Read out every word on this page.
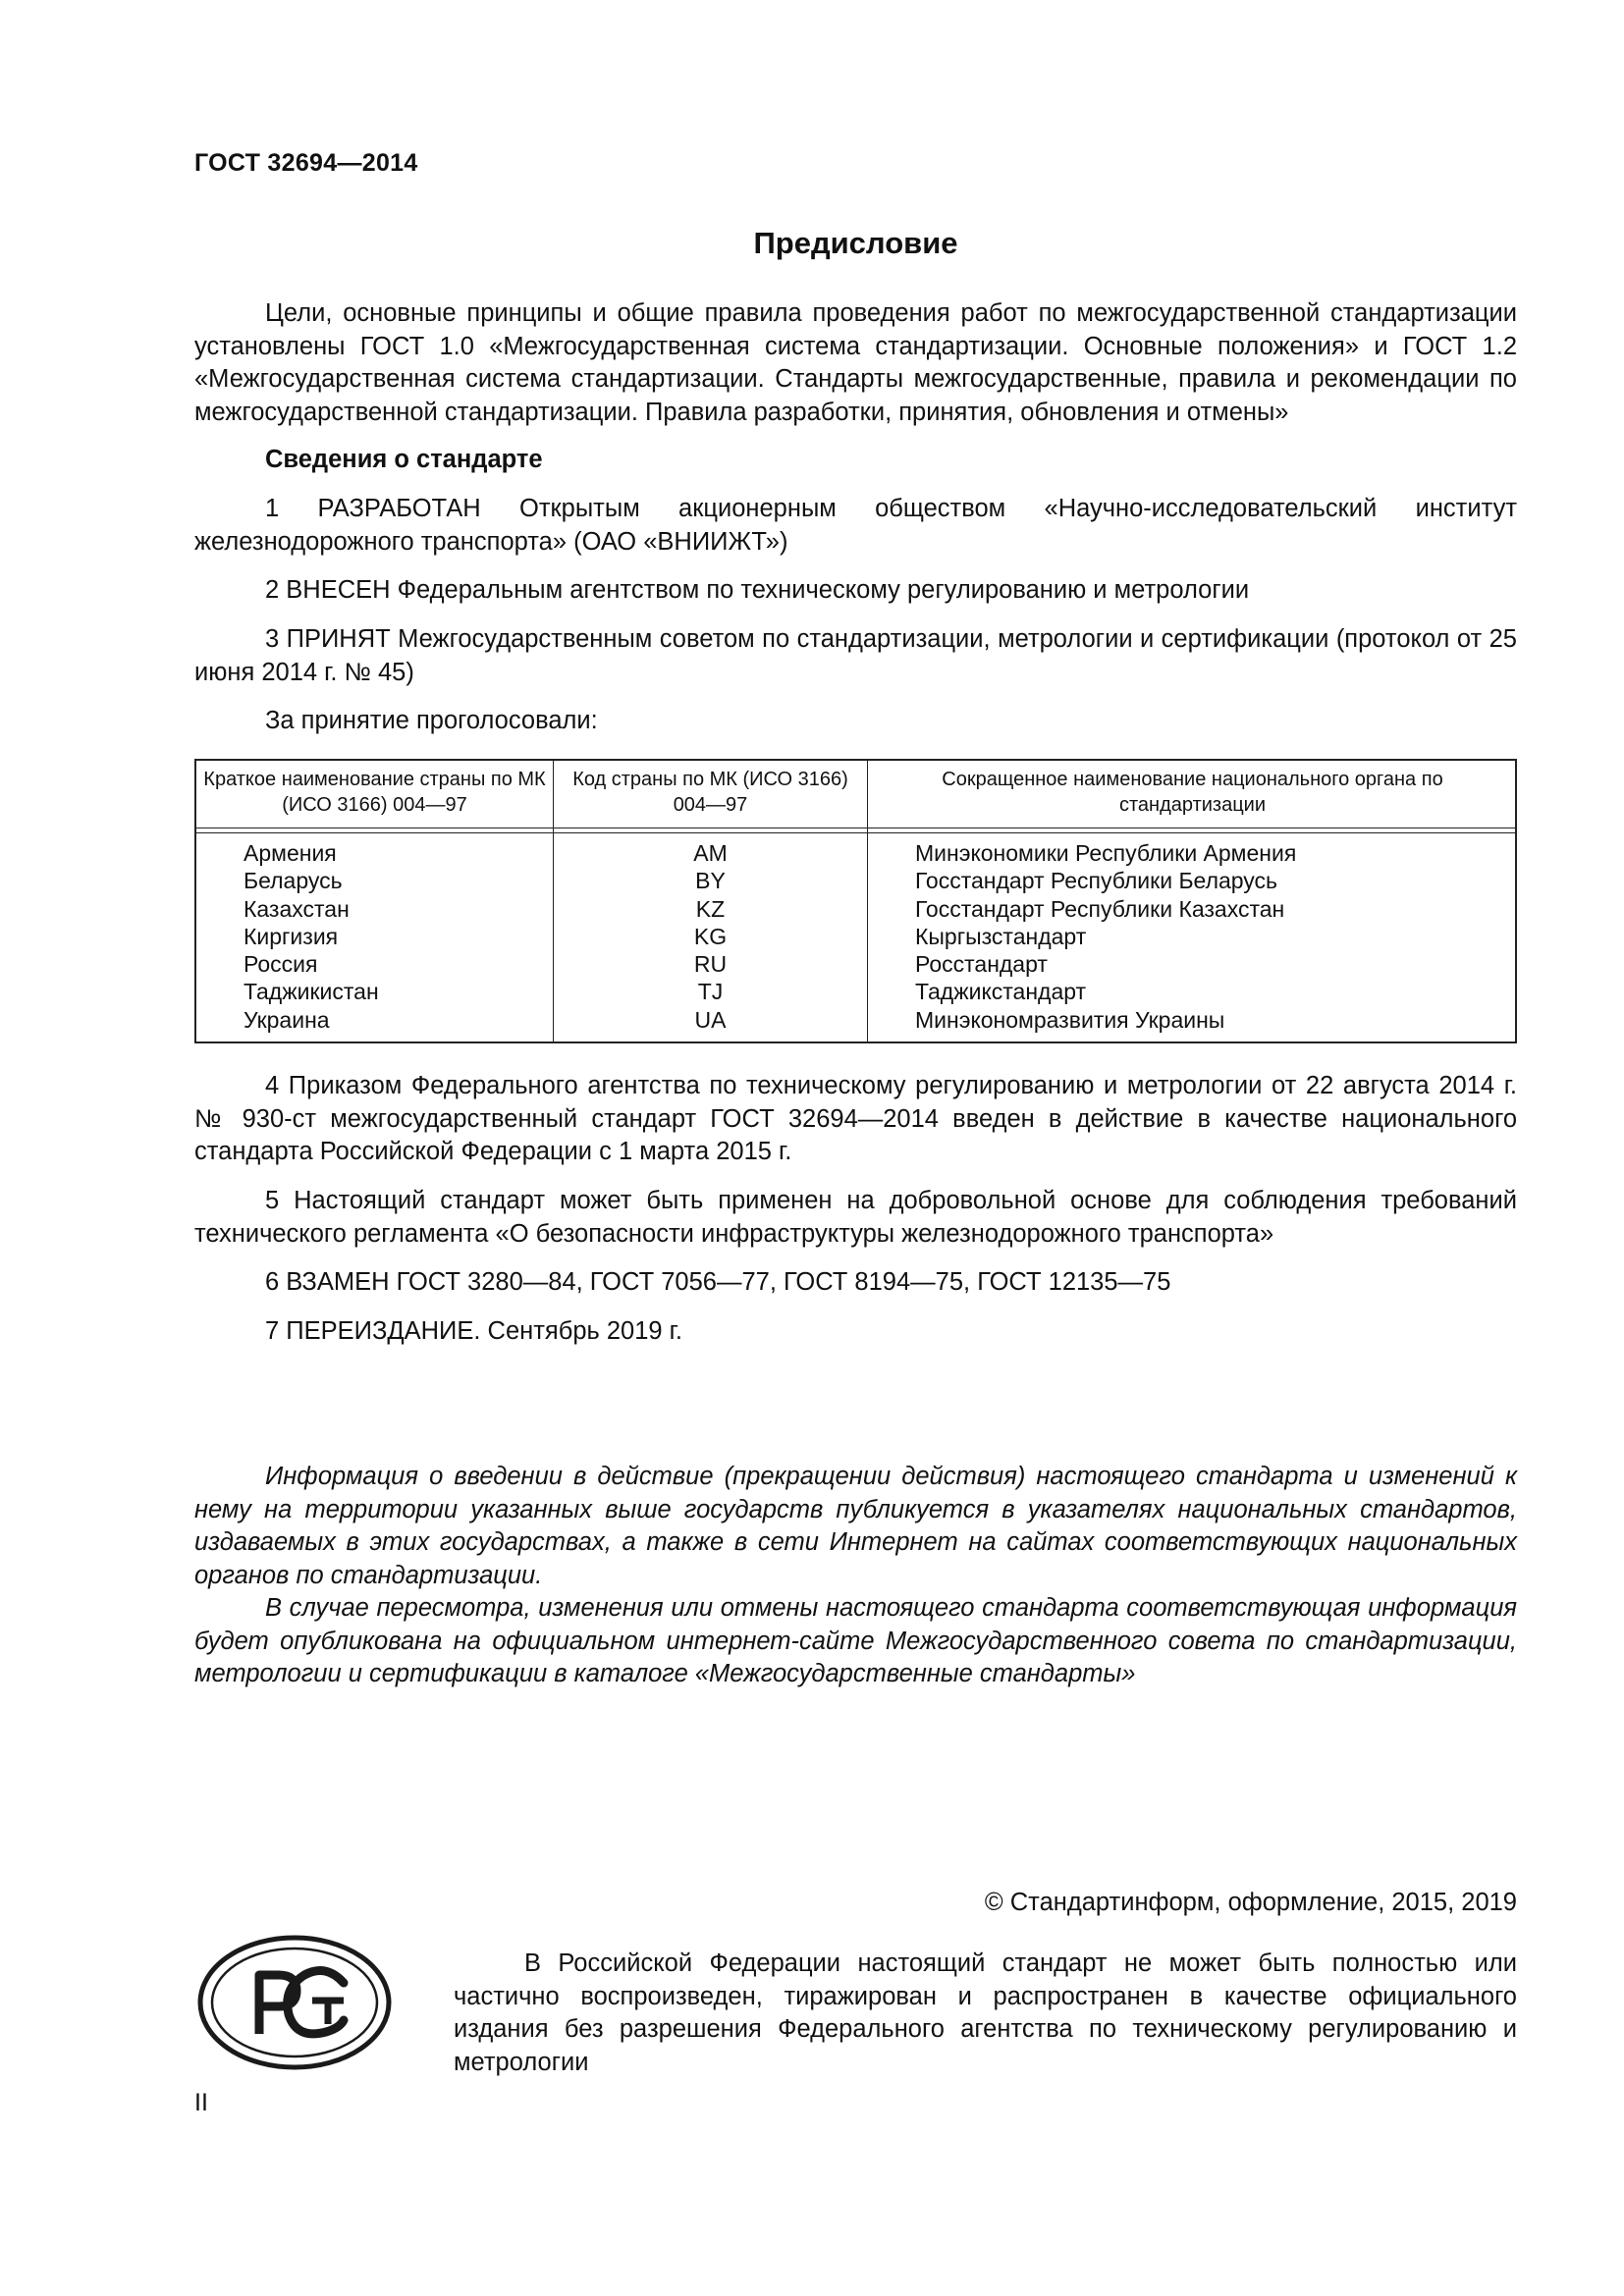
ГОСТ 32694—2014
Предисловие
Цели, основные принципы и общие правила проведения работ по межгосударственной стандартизации установлены ГОСТ 1.0 «Межгосударственная система стандартизации. Основные положения» и ГОСТ 1.2 «Межгосударственная система стандартизации. Стандарты межгосударственные, правила и рекомендации по межгосударственной стандартизации. Правила разработки, принятия, обновления и отмены»
Сведения о стандарте
1 РАЗРАБОТАН Открытым акционерным обществом «Научно-исследовательский институт железнодорожного транспорта» (ОАО «ВНИИЖТ»)
2 ВНЕСЕН Федеральным агентством по техническому регулированию и метрологии
3 ПРИНЯТ Межгосударственным советом по стандартизации, метрологии и сертификации (протокол от 25 июня 2014 г. № 45)
За принятие проголосовали:
Краткое наименование страны по МК (ИСО 3166) 004—97
Код страны по МК (ИСО 3166) 004—97
Сокращенное наименование национального органа по стандартизации
Армения
Беларусь
Казахстан
Киргизия
Россия
Таджикистан
Украина
AM
BY
KZ
KG
RU
TJ
UA
Минэкономики Республики Армения
Госстандарт Республики Беларусь
Госстандарт Республики Казахстан
Кыргызстандарт
Росстандарт
Таджикстандарт
Минэкономразвития Украины
4 Приказом Федерального агентства по техническому регулированию и метрологии от 22 августа 2014 г. № 930-ст межгосударственный стандарт ГОСТ 32694—2014 введен в действие в качестве национального стандарта Российской Федерации с 1 марта 2015 г.
5 Настоящий стандарт может быть применен на добровольной основе для соблюдения требований технического регламента «О безопасности инфраструктуры железнодорожного транспорта»
6 ВЗАМЕН ГОСТ 3280—84, ГОСТ 7056—77, ГОСТ 8194—75, ГОСТ 12135—75
7 ПЕРЕИЗДАНИЕ. Сентябрь 2019 г.
Информация о введении в действие (прекращении действия) настоящего стандарта и изменений к нему на территории указанных выше государств публикуется в указателях национальных стандартов, издаваемых в этих государствах, а также в сети Интернет на сайтах соответствующих национальных органов по стандартизации.
В случае пересмотра, изменения или отмены настоящего стандарта соответствующая информация будет опубликована на официальном интернет-сайте Межгосударственного совета по стандартизации, метрологии и сертификации в каталоге «Межгосударственные стандарты»
© Стандартинформ, оформление, 2015, 2019
В Российской Федерации настоящий стандарт не может быть полностью или частично воспроизведен, тиражирован и распространен в качестве официального издания без разрешения Федерального агентства по техническому регулированию и метрологии
II
